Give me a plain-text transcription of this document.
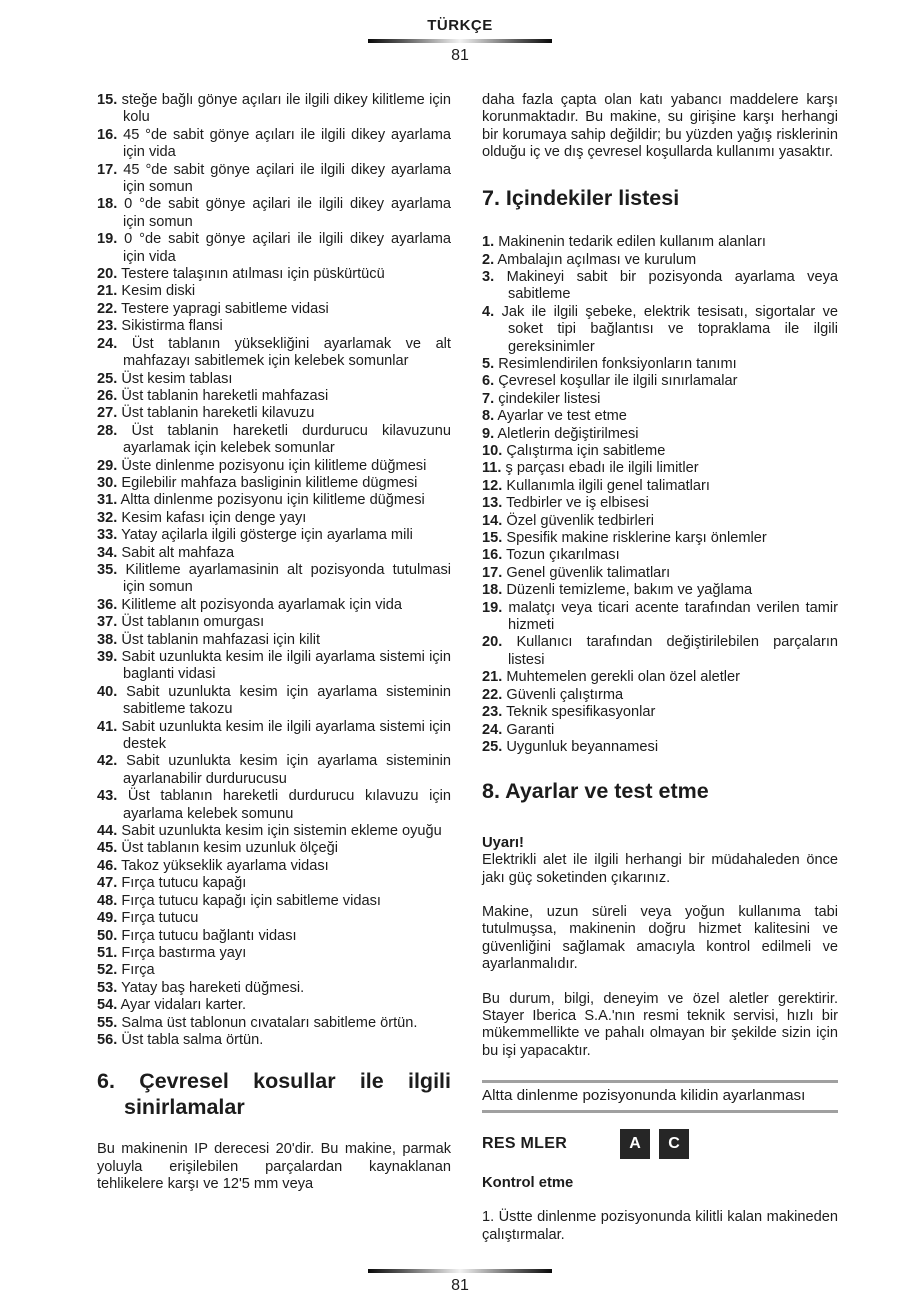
TÜRKÇE
81
15. steğe bağlı gönye açıları ile ilgili dikey kilitleme için kolu
16. 45 °de sabit gönye açıları ile ilgili dikey ayarlama için vida
17. 45 °de sabit gönye açilari ile ilgili dikey ayarlama için somun
18. 0 °de sabit gönye açilari ile ilgili dikey ayarlama için somun
19. 0 °de sabit gönye açilari ile ilgili dikey ayarlama için vida
20. Testere talaşının atılması için püskürtücü
21. Kesim diski
22. Testere yapragi sabitleme vidasi
23. Sikistirma flansi
24. Üst tablanın yüksekliğini ayarlamak ve alt mahfazayı sabitlemek için kelebek somunlar
25. Üst kesim tablası
26. Üst tablanin hareketli mahfazasi
27. Üst tablanin hareketli kilavuzu
28. Üst tablanin hareketli durdurucu kilavuzunu ayarlamak için kelebek somunlar
29. Üste dinlenme pozisyonu için kilitleme düğmesi
30. Egilebilir mahfaza basliginin kilitleme dügmesi
31. Altta dinlenme pozisyonu için kilitleme düğmesi
32. Kesim kafası için denge yayı
33. Yatay açilarla ilgili gösterge için ayarlama mili
34. Sabit alt mahfaza
35. Kilitleme ayarlamasinin alt pozisyonda tutulmasi için somun
36. Kilitleme alt pozisyonda ayarlamak için vida
37. Üst tablanın omurgası
38. Üst tablanin mahfazasi için kilit
39. Sabit uzunlukta kesim ile ilgili ayarlama sistemi için baglanti vidasi
40. Sabit uzunlukta kesim için ayarlama sisteminin sabitleme takozu
41. Sabit uzunlukta kesim ile ilgili ayarlama sistemi için destek
42. Sabit uzunlukta kesim için ayarlama sisteminin ayarlanabilir durdurucusu
43. Üst tablanın hareketli durdurucu kılavuzu için ayarlama kelebek somunu
44. Sabit uzunlukta kesim için sistemin ekleme oyuğu
45. Üst tablanın kesim uzunluk ölçeği
46. Takoz yükseklik ayarlama vidası
47. Fırça tutucu kapağı
48. Fırça tutucu kapağı için sabitleme vidası
49. Fırça tutucu
50. Fırça tutucu bağlantı vidası
51. Fırça bastırma yayı
52. Fırça
53. Yatay baş hareketi düğmesi.
54. Ayar vidaları karter.
55. Salma üst tablonun cıvataları sabitleme örtün.
56. Üst tabla salma örtün.
6. Çevresel kosullar ile ilgili sinirlamalar

Bu makinenin IP derecesi 20'dir. Bu makine, parmak yoluyla erişilebilen parçalardan kaynaklanan tehlikelere karşı ve 12'5 mm veya

daha fazla çapta olan katı yabancı maddelere karşı korunmaktadır. Bu makine, su girişine karşı herhangi bir korumaya sahip değildir; bu yüzden yağış risklerinin olduğu iç ve dış çevresel koşullarda kullanımı yasaktır.

7. Içindekiler listesi
1. Makinenin tedarik edilen kullanım alanları
2. Ambalajın açılması ve kurulum
3. Makineyi sabit bir pozisyonda ayarlama veya sabitleme
4. Jak ile ilgili şebeke, elektrik tesisatı, sigortalar ve soket tipi bağlantısı ve topraklama ile ilgili gereksinimler
5. Resimlendirilen fonksiyonların tanımı
6. Çevresel koşullar ile ilgili sınırlamalar
7. çindekiler listesi
8. Ayarlar ve test etme
9. Aletlerin değiştirilmesi
10. Çalıştırma için sabitleme
11. ş parçası ebadı ile ilgili limitler
12. Kullanımla ilgili genel talimatları
13. Tedbirler ve iş elbisesi
14. Özel güvenlik tedbirleri
15. Spesifik makine risklerine karşı önlemler
16. Tozun çıkarılması
17. Genel güvenlik talimatları
18. Düzenli temizleme, bakım ve yağlama
19. malatçı veya ticari acente tarafından verilen tamir hizmeti
20. Kullanıcı tarafından değiştirilebilen parçaların listesi
21. Muhtemelen gerekli olan özel aletler
22. Güvenli çalıştırma
23. Teknik spesifikasyonlar
24. Garanti
25. Uygunluk beyannamesi
8. Ayarlar ve test etme
Uyarı!

Elektrikli alet ile ilgili herhangi bir müdahaleden önce jakı güç soketinden çıkarınız.

Makine, uzun süreli veya yoğun kullanıma tabi tutulmuşsa, makinenin doğru hizmet kalitesini ve güvenliğini sağlamak amacıyla kontrol edilmeli ve ayarlanmalıdır.

Bu durum, bilgi, deneyim ve özel aletler gerektirir. Stayer Iberica S.A.'nın resmi teknik servisi, hızlı bir mükemmellikte ve pahalı olmayan bir şekilde sizin için bu işi yapacaktır.

Altta dinlenme pozisyonunda kilidin ayarlanması
RES MLER	A	C
Kontrol etme

1. Üstte dinlenme pozisyonunda kilitli kalan makineden çalıştırmalar.

81
